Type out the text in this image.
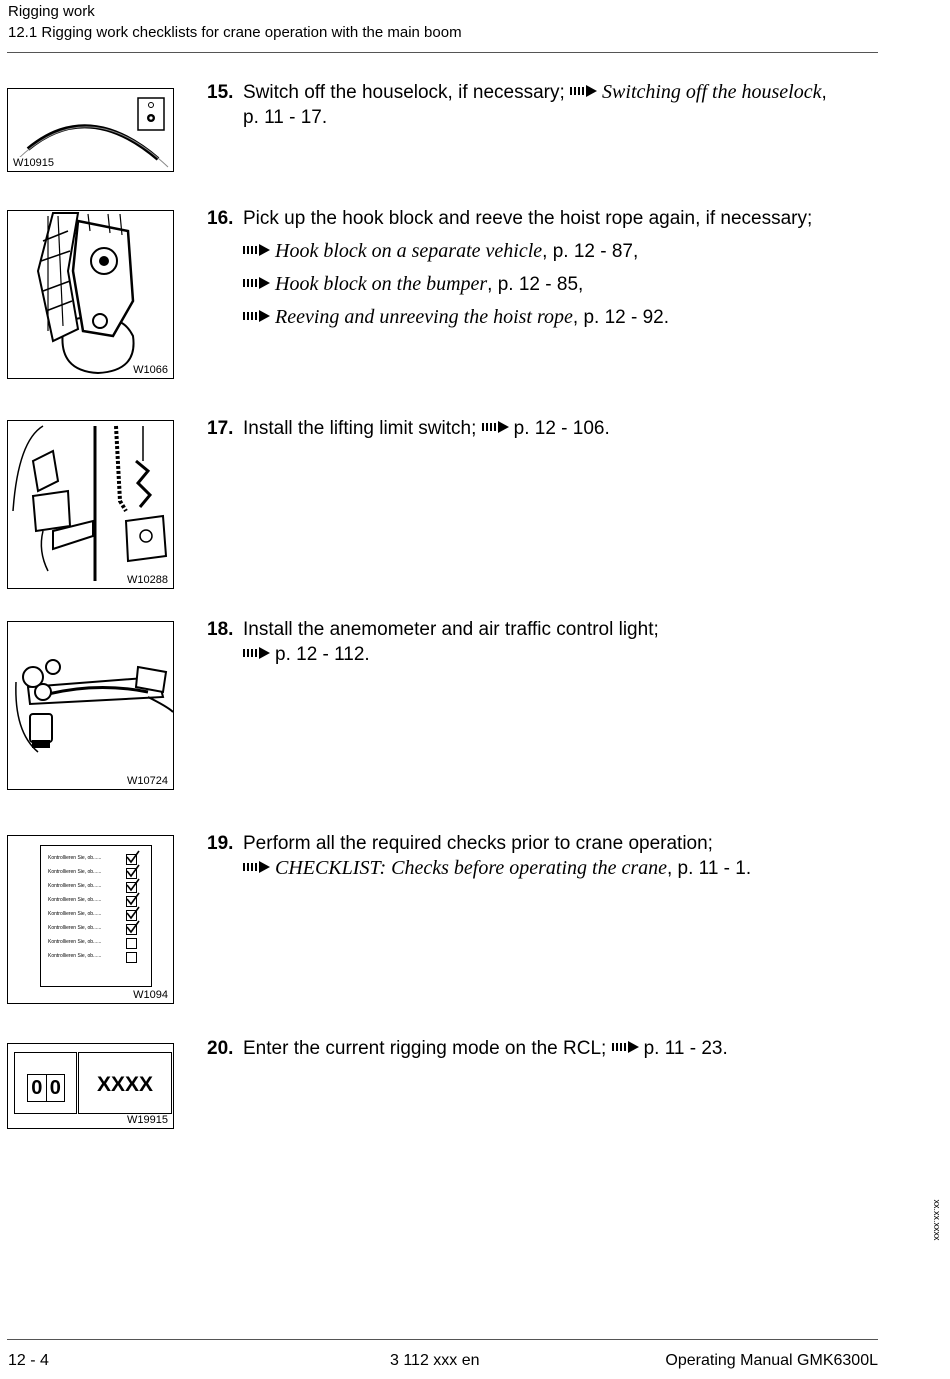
Rigging work
12.1 Rigging work checklists for crane operation with the main boom
W10915
15. Switch off the houselock, if necessary; Switching off the houselock,
p. 11 - 17.
W1066
16. Pick up the hook block and reeve the hoist rope again, if necessary;
Hook block on a separate vehicle, p. 12 - 87,
Hook block on the bumper, p. 12 - 85,
Reeving and unreeving the hoist rope, p. 12 - 92.
W10288
17. Install the lifting limit switch; p. 12 - 106.
W10724
18. Install the anemometer and air traffic control light;
p. 12 - 112.
Kontrollieren Sie, ob......
Kontrollieren Sie, ob......
Kontrollieren Sie, ob......
Kontrollieren Sie, ob......
Kontrollieren Sie, ob......
Kontrollieren Sie, ob......
Kontrollieren Sie, ob......
Kontrollieren Sie, ob......
W1094
19. Perform all the required checks prior to crane operation;
CHECKLIST: Checks before operating the crane, p. 11 - 1.
0 0	XXXX
W19915
20. Enter the current rigging mode on the RCL; p. 11 - 23.
xx.xx.xxxx
12 - 4	3 112 xxx en	Operating Manual GMK6300L
